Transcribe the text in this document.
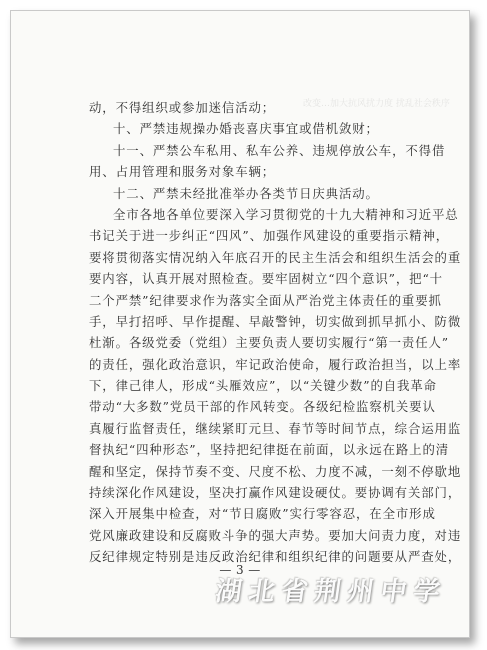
改变…加大抗风扰力度 扰乱社会秩序
动，不得组织或参加迷信活动；
十、严禁违规操办婚丧喜庆事宜或借机敛财；
十一、严禁公车私用、私车公养、违规停放公车，不得借
用、占用管理和服务对象车辆；
十二、严禁未经批准举办各类节日庆典活动。
全市各地各单位要深入学习贯彻党的十九大精神和习近平总
书记关于进一步纠正“四风”、加强作风建设的重要指示精神，
要将贯彻落实情况纳入年底召开的民主生活会和组织生活会的重
要内容，认真开展对照检查。要牢固树立“四个意识”，把“十
二个严禁”纪律要求作为落实全面从严治党主体责任的重要抓
手，早打招呼、早作提醒、早敲警钟，切实做到抓早抓小、防微
杜渐。各级党委（党组）主要负责人要切实履行“第一责任人”
的责任，强化政治意识，牢记政治使命，履行政治担当，以上率
下，律己律人，形成“头雁效应”，以“关键少数”的自我革命
带动“大多数”党员干部的作风转变。各级纪检监察机关要认
真履行监督责任，继续紧盯元旦、春节等时间节点，综合运用监
督执纪“四种形态”，坚持把纪律挺在前面，以永远在路上的清
醒和坚定，保持节奏不变、尺度不松、力度不减，一刻不停歇地
持续深化作风建设，坚决打赢作风建设硬仗。要协调有关部门，
深入开展集中检查，对“节日腐败”实行零容忍，在全市形成
党风廉政建设和反腐败斗争的强大声势。要加大问责力度，对违
反纪律规定特别是违反政治纪律和组织纪律的问题要从严查处，
— 3 —
湖北省荆州中学
